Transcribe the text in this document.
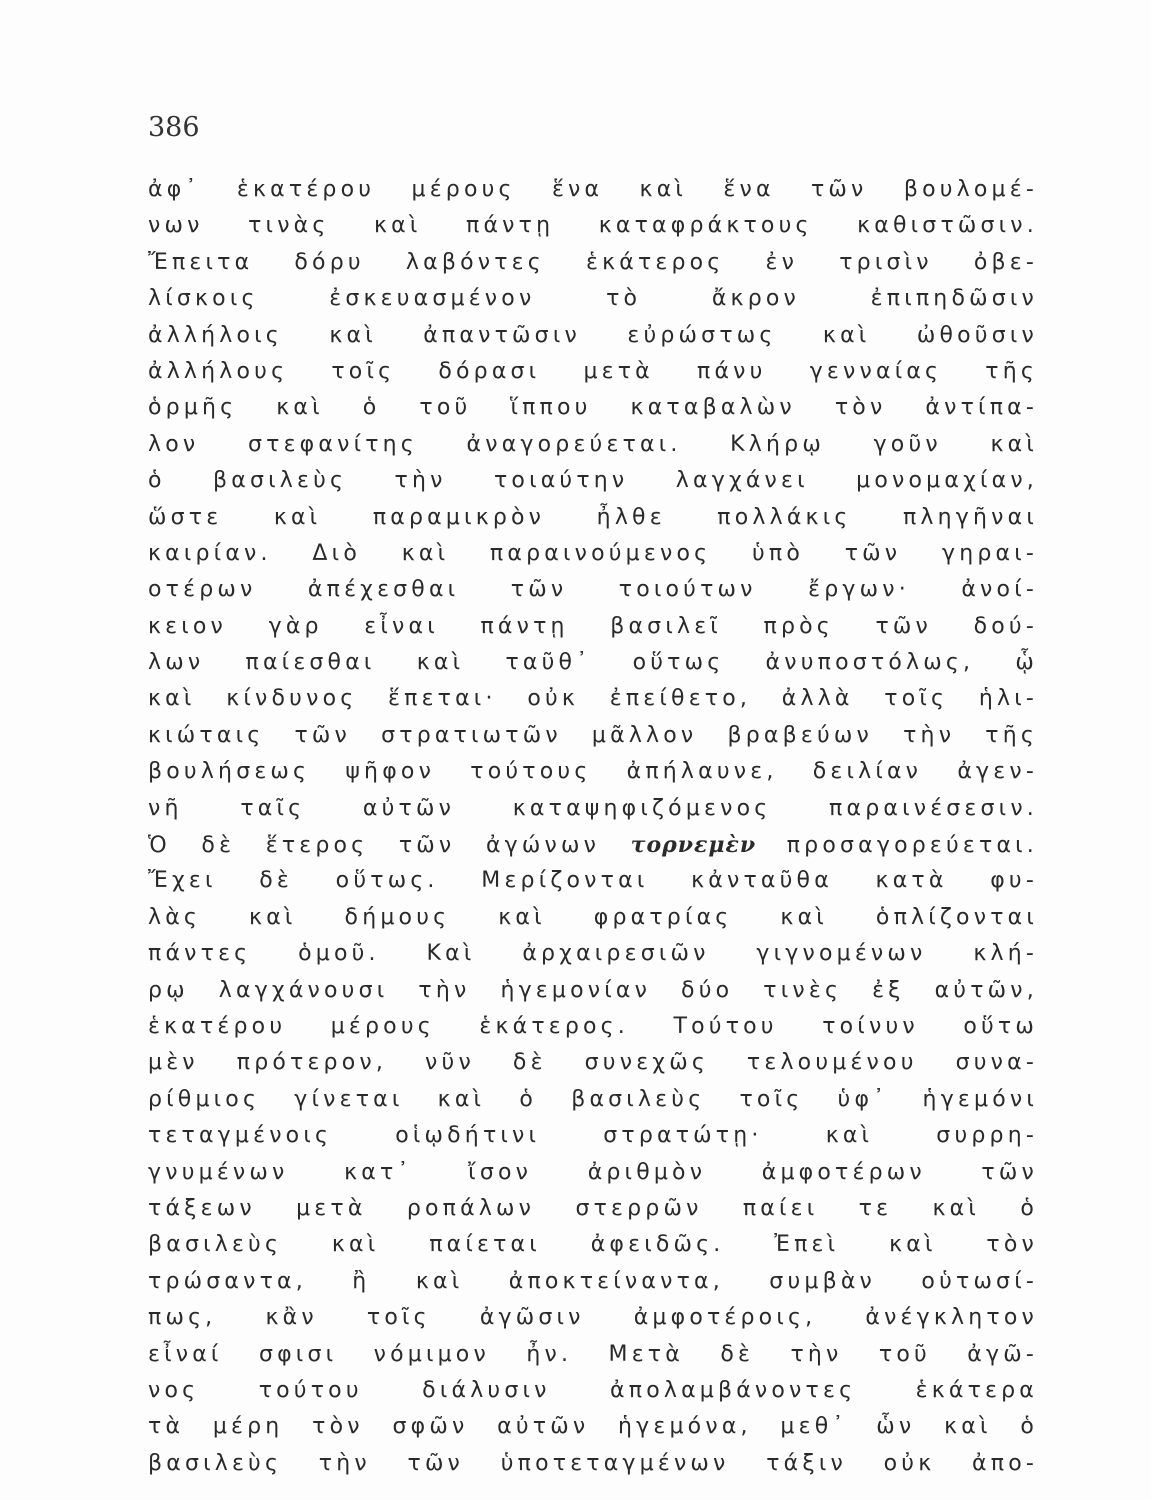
386
ἀφ᾽ ἑκατέρου μέρους ἕνα καὶ ἕνα τῶν βουλομέ-
νων τινὰς καὶ πάντῃ καταφράκτους καθιστῶσιν.
Ἔπειτα δόρυ λαβόντες ἑκάτερος ἐν τρισὶν ὀβε-
λίσκοις ἐσκευασμένον τὸ ἄκρον ἐπιπηδῶσιν
ἀλλήλοις καὶ ἀπαντῶσιν εὐρώστως καὶ ὠθοῦσιν
ἀλλήλους τοῖς δόρασι μετὰ πάνυ γενναίας τῆς
ὁρμῆς καὶ ὁ τοῦ ἵππου καταβαλὼν τὸν ἀντίπα-
λον στεφανίτης ἀναγορεύεται. Κλήρῳ γοῦν καὶ
ὁ βασιλεὺς τὴν τοιαύτην λαγχάνει μονομαχίαν,
ὥστε καὶ παραμικρὸν ἦλθε πολλάκις πληγῆναι
καιρίαν. Διὸ καὶ παραινούμενος ὑπὸ τῶν γηραι-
οτέρων ἀπέχεσθαι τῶν τοιούτων ἔργων· ἀνοί-
κειον γὰρ εἶναι πάντῃ βασιλεῖ πρὸς τῶν δού-
λων παίεσθαι καὶ ταῦθ᾽ οὕτως ἀνυποστόλως, ᾧ
καὶ κίνδυνος ἕπεται· οὐκ ἐπείθετο, ἀλλὰ τοῖς ἡλι-
κιώταις τῶν στρατιωτῶν μᾶλλον βραβεύων τὴν τῆς
βουλήσεως ψῆφον τούτους ἀπήλαυνε, δειλίαν ἀγεν-
νῆ ταῖς αὐτῶν καταψηφιζόμενος παραινέσεσιν.
Ὁ δὲ ἕτερος τῶν ἀγώνων τορνεμὲν προσαγορεύεται.
Ἔχει δὲ οὕτως. Μερίζονται κἀνταῦθα κατὰ φυ-
λὰς καὶ δήμους καὶ φρατρίας καὶ ὁπλίζονται
πάντες ὁμοῦ. Καὶ ἀρχαιρεσιῶν γιγνομένων κλή-
ρῳ λαγχάνουσι τὴν ἡγεμονίαν δύο τινὲς ἐξ αὐτῶν,
ἑκατέρου μέρους ἑκάτερος. Τούτου τοίνυν οὕτω
μὲν πρότερον, νῦν δὲ συνεχῶς τελουμένου συνα-
ρίθμιος γίνεται καὶ ὁ βασιλεὺς τοῖς ὑφ᾽ ἡγεμόνι
τεταγμένοις οἱῳδήτινι στρατώτῃ· καὶ συρρη-
γνυμένων κατ᾽ ἴσον ἀριθμὸν ἀμφοτέρων τῶν
τάξεων μετὰ ροπάλων στερρῶν παίει τε καὶ ὁ
βασιλεὺς καὶ παίεται ἀφειδῶς. Ἐπεὶ καὶ τὸν
τρώσαντα, ἢ καὶ ἀποκτείναντα, συμβὰν οὑτωσί-
πως, κἂν τοῖς ἀγῶσιν ἀμφοτέροις, ἀνέγκλητον
εἶναί σφισι νόμιμον ἦν. Μετὰ δὲ τὴν τοῦ ἀγῶ-
νος τούτου διάλυσιν ἀπολαμβάνοντες ἑκάτερα
τὰ μέρη τὸν σφῶν αὐτῶν ἡγεμόνα, μεθ᾽ ὧν καὶ ὁ
βασιλεὺς τὴν τῶν ὑποτεταγμένων τάξιν οὐκ ἀπο-
